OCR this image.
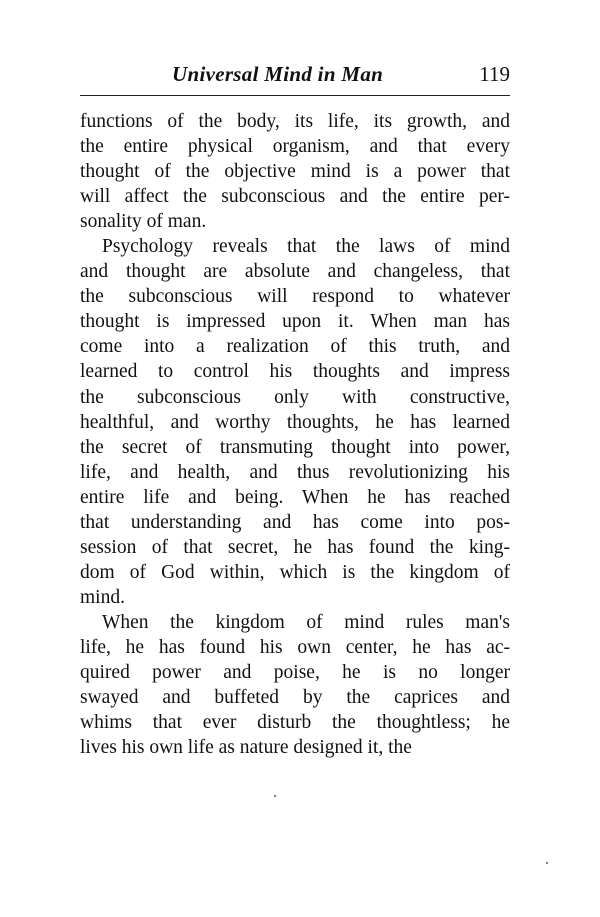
Universal Mind in Man	119
functions of the body, its life, its growth, and
the entire physical organism, and that every
thought of the objective mind is a power that
will affect the subconscious and the entire per-
sonality of man.
Psychology reveals that the laws of mind
and thought are absolute and changeless, that
the subconscious will respond to whatever
thought is impressed upon it. When man has
come into a realization of this truth, and
learned to control his thoughts and impress
the subconscious only with constructive,
healthful, and worthy thoughts, he has learned
the secret of transmuting thought into power,
life, and health, and thus revolutionizing his
entire life and being. When he has reached
that understanding and has come into pos-
session of that secret, he has found the king-
dom of God within, which is the kingdom of
mind.
When the kingdom of mind rules man's
life, he has found his own center, he has ac-
quired power and poise, he is no longer
swayed and buffeted by the caprices and
whims that ever disturb the thoughtless; he
lives his own life as nature designed it, the
